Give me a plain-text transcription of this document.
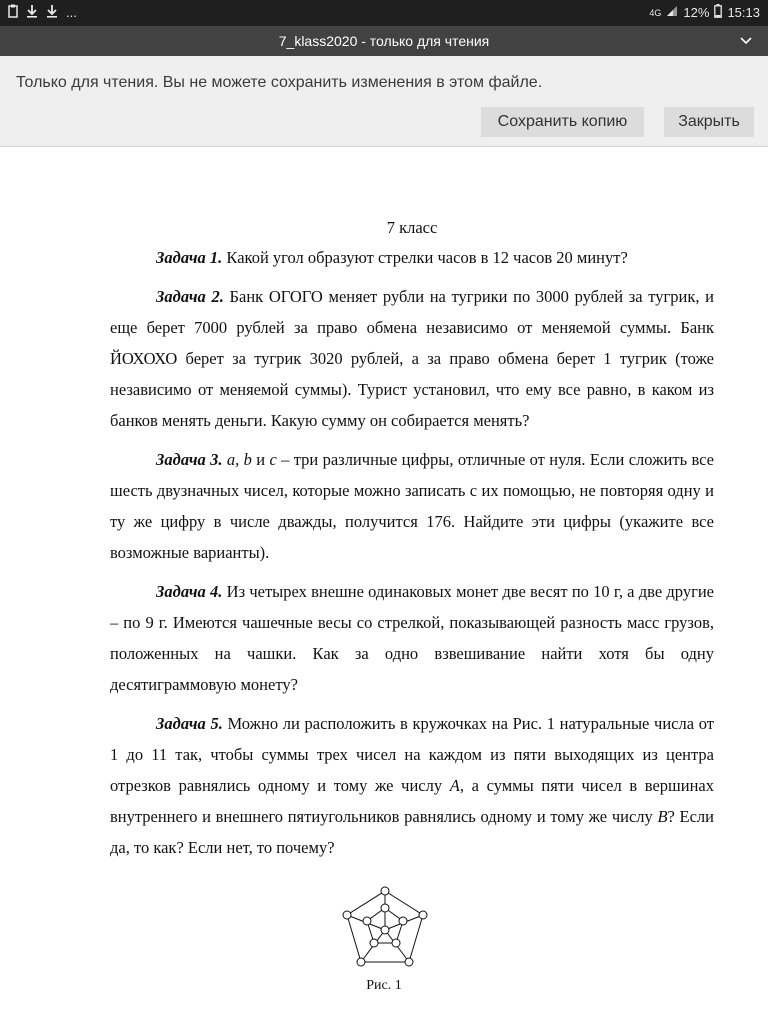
...	4G 12% 15:13
7_klass2020 - только для чтения
Только для чтения. Вы не можете сохранить изменения в этом файле.
Сохранить копию	Закрыть
7 класс

Задача 1. Какой угол образуют стрелки часов в 12 часов 20 минут?

Задача 2. Банк ОГОГО меняет рубли на тугрики по 3000 рублей за тугрик, и еще берет 7000 рублей за право обмена независимо от меняемой суммы. Банк ЙОХОХО берет за тугрик 3020 рублей, а за право обмена берет 1 тугрик (тоже независимо от меняемой суммы). Турист установил, что ему все равно, в каком из банков менять деньги. Какую сумму он собирается менять?

Задача 3. a, b и c – три различные цифры, отличные от нуля. Если сложить все шесть двузначных чисел, которые можно записать с их помощью, не повторяя одну и ту же цифру в числе дважды, получится 176. Найдите эти цифры (укажите все возможные варианты).

Задача 4. Из четырех внешне одинаковых монет две весят по 10 г, а две другие – по 9 г. Имеются чашечные весы со стрелкой, показывающей разность масс грузов, положенных на чашки. Как за одно взвешивание найти хотя бы одну десятиграммовую монету?

Задача 5. Можно ли расположить в кружочках на Рис. 1 натуральные числа от 1 до 11 так, чтобы суммы трех чисел на каждом из пяти выходящих из центра отрезков равнялись одному и тому же числу A, а суммы пяти чисел в вершинах внутреннего и внешнего пятиугольников равнялись одному и тому же числу B? Если да, то как? Если нет, то почему?

Рис. 1
